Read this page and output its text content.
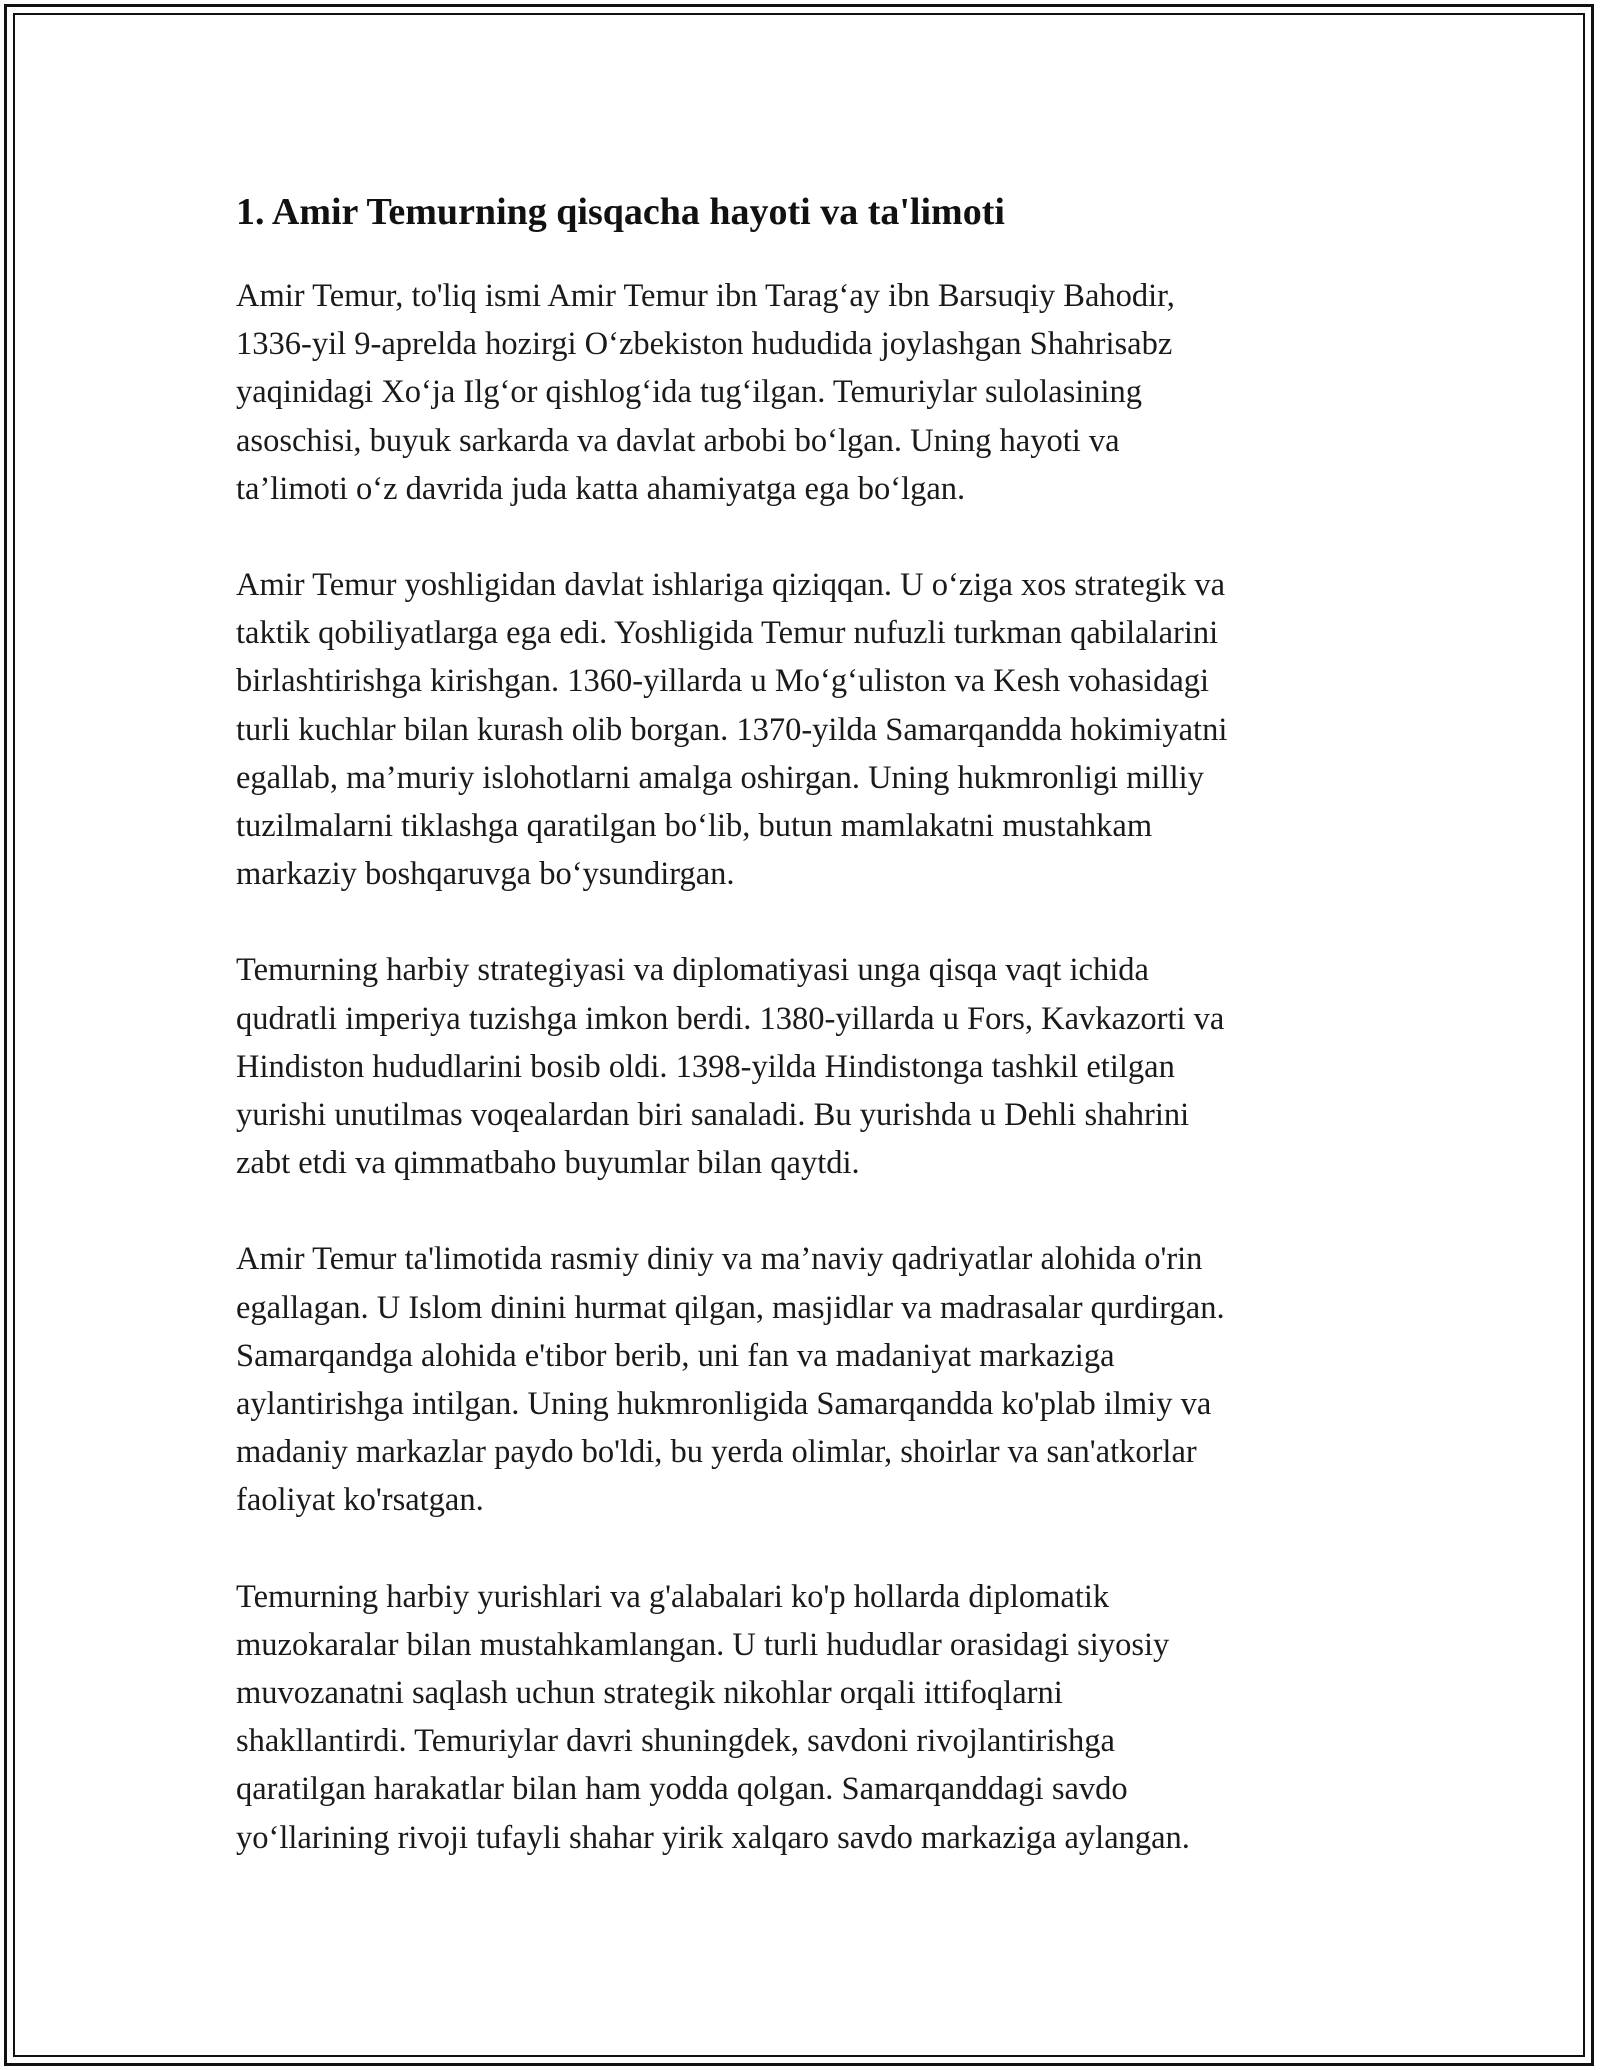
1. Amir Temurning qisqacha hayoti va ta'limoti

Amir Temur, to'liq ismi Amir Temur ibn Taragʻay ibn Barsuqiy Bahodir,
1336-yil 9-aprelda hozirgi Oʻzbekiston hududida joylashgan Shahrisabz
yaqinidagi Xoʻja Ilgʻor qishlogʻida tugʻilgan. Temuriylar sulolasining
asoschisi, buyuk sarkarda va davlat arbobi boʻlgan. Uning hayoti va
ta’limoti oʻz davrida juda katta ahamiyatga ega boʻlgan.

Amir Temur yoshligidan davlat ishlariga qiziqqan. U oʻziga xos strategik va
taktik qobiliyatlarga ega edi. Yoshligida Temur nufuzli turkman qabilalarini
birlashtirishga kirishgan. 1360-yillarda u Moʻgʻuliston va Kesh vohasidagi
turli kuchlar bilan kurash olib borgan. 1370-yilda Samarqandda hokimiyatni
egallab, ma’muriy islohotlarni amalga oshirgan. Uning hukmronligi milliy
tuzilmalarni tiklashga qaratilgan boʻlib, butun mamlakatni mustahkam
markaziy boshqaruvga boʻysundirgan.

Temurning harbiy strategiyasi va diplomatiyasi unga qisqa vaqt ichida
qudratli imperiya tuzishga imkon berdi. 1380-yillarda u Fors, Kavkazorti va
Hindiston hududlarini bosib oldi. 1398-yilda Hindistonga tashkil etilgan
yurishi unutilmas voqealardan biri sanaladi. Bu yurishda u Dehli shahrini
zabt etdi va qimmatbaho buyumlar bilan qaytdi.

Amir Temur ta'limotida rasmiy diniy va ma’naviy qadriyatlar alohida o'rin
egallagan. U Islom dinini hurmat qilgan, masjidlar va madrasalar qurdirgan.
Samarqandga alohida e'tibor berib, uni fan va madaniyat markaziga
aylantirishga intilgan. Uning hukmronligida Samarqandda ko'plab ilmiy va
madaniy markazlar paydo bo'ldi, bu yerda olimlar, shoirlar va san'atkorlar
faoliyat ko'rsatgan.

Temurning harbiy yurishlari va g'alabalari ko'p hollarda diplomatik
muzokaralar bilan mustahkamlangan. U turli hududlar orasidagi siyosiy
muvozanatni saqlash uchun strategik nikohlar orqali ittifoqlarni
shakllantirdi. Temuriylar davri shuningdek, savdoni rivojlantirishga
qaratilgan harakatlar bilan ham yodda qolgan. Samarqanddagi savdo
yoʻllarining rivoji tufayli shahar yirik xalqaro savdo markaziga aylangan.
